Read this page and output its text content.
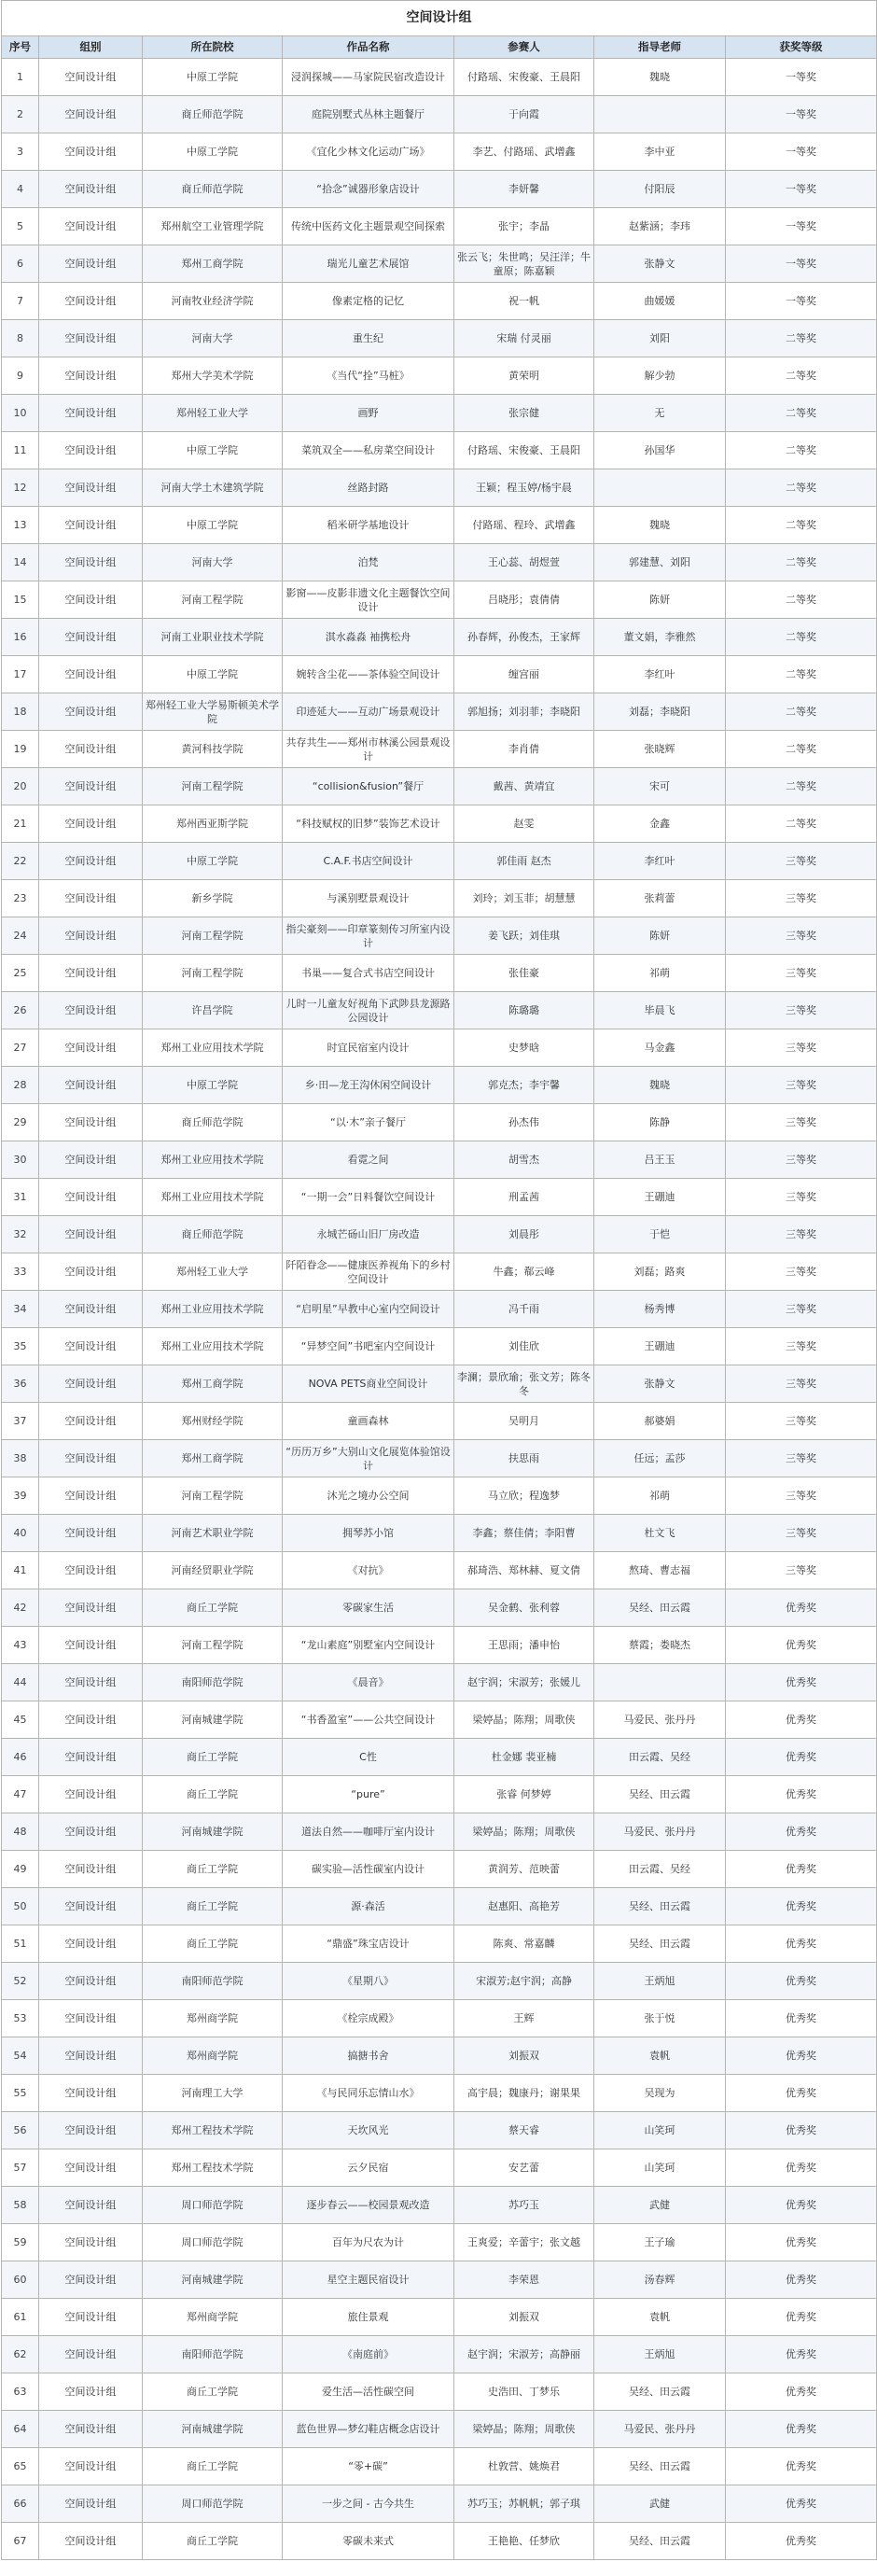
空间设计组
序号	组别	所在院校	作品名称	参赛人	指导老师	获奖等级
1	空间设计组	中原工学院	浸润探城——马家院民宿改造设计	付路瑶、宋俊豪、王晨阳	魏晓	一等奖
2	空间设计组	商丘师范学院	庭院别墅式丛林主题餐厅	于向霞		一等奖
3	空间设计组	中原工学院	《宜化少林文化运动广场》	李艺、付路瑶、武增鑫	李中亚	一等奖
4	空间设计组	商丘师范学院	“拾念”诚器形象店设计	李妍馨	付阳辰	一等奖
5	空间设计组	郑州航空工业管理学院	传统中医药文化主题景观空间探索	张宇；李晶	赵紫涵；李玮	一等奖
6	空间设计组	郑州工商学院	瑞光儿童艺术展馆	张云飞；朱世鸣；吴汪洋；牛童原；陈嘉颖	张静文	一等奖
7	空间设计组	河南牧业经济学院	像素定格的记忆	祝一帆	曲媛媛	一等奖
8	空间设计组	河南大学	重生纪	宋瑞 付灵丽	刘阳	二等奖
9	空间设计组	郑州大学美术学院	《当代“拴”马桩》	黄荣明	解少勃	二等奖
10	空间设计组	郑州轻工业大学	画野	张宗健	无	二等奖
11	空间设计组	中原工学院	菜筑双全——私房菜空间设计	付路瑶、宋俊豪、王晨阳	孙国华	二等奖
12	空间设计组	河南大学土木建筑学院	丝路封路	王颖；程玉婷/杨宇晨		二等奖
13	空间设计组	中原工学院	稻米研学基地设计	付路瑶、程玲、武增鑫	魏晓	二等奖
14	空间设计组	河南大学	泊梵	王心蕊、胡煜萱	郭建慧、刘阳	二等奖
15	空间设计组	河南工程学院	影窗——皮影非遗文化主题餐饮空间设计	吕晓彤；袁倩倩	陈妍	二等奖
16	空间设计组	河南工业职业技术学院	淇水淼淼 袖携松舟	孙春辉，孙俊杰，王家辉	董文娟，李雅然	二等奖
17	空间设计组	中原工学院	婉转含尘花——茶体验空间设计	缠宫丽	李红叶	二等奖
18	空间设计组	郑州轻工业大学易斯顿美术学院	印迹延大——互动广场景观设计	郭旭扬；刘羽菲；李晓阳	刘磊；李晓阳	二等奖
19	空间设计组	黄河科技学院	共存共生——郑州市林溪公园景观设计	李肖倩	张晓辉	二等奖
20	空间设计组	河南工程学院	“collision&fusion”餐厅	戴茜、黄靖宜	宋可	二等奖
21	空间设计组	郑州西亚斯学院	“科技赋权的旧梦”装饰艺术设计	赵雯	金鑫	二等奖
22	空间设计组	中原工学院	C.A.F.书店空间设计	郭佳雨 赵杰	李红叶	三等奖
23	空间设计组	新乡学院	与溪别墅景观设计	刘玲；刘玉菲；胡慧慧	张莉蕾	三等奖
24	空间设计组	河南工程学院	指尖豪刻——印章篆刻传习所室内设计	姜飞跃；刘佳琪	陈妍	三等奖
25	空间设计组	河南工程学院	书巢——复合式书店空间设计	张佳豪	祁萌	三等奖
26	空间设计组	许昌学院	儿时一儿童友好视角下武陟县龙源路公园设计	陈璐璐	毕晨飞	三等奖
27	空间设计组	郑州工业应用技术学院	时宜民宿室内设计	史梦晗	马金鑫	三等奖
28	空间设计组	中原工学院	乡·田—龙王沟休闲空间设计	郭克杰；李宇馨	魏晓	三等奖
29	空间设计组	商丘师范学院	“以·木”亲子餐厅	孙杰伟	陈静	三等奖
30	空间设计组	郑州工业应用技术学院	看霓之间	胡雪杰	吕王玉	三等奖
31	空间设计组	郑州工业应用技术学院	“一期一会”日料餐饮空间设计	刑孟茜	王硼迪	三等奖
32	空间设计组	商丘师范学院	永城芒砀山旧厂房改造	刘晨彤	于恺	三等奖
33	空间设计组	郑州轻工业大学	阡陌眷念——健康医养视角下的乡村空间设计	牛鑫；郗云峰	刘磊；路爽	三等奖
34	空间设计组	郑州工业应用技术学院	“启明星”早教中心室内空间设计	冯千雨	杨秀博	三等奖
35	空间设计组	郑州工业应用技术学院	“异梦空间”书吧室内空间设计	刘佳欣	王硼迪	三等奖
36	空间设计组	郑州工商学院	NOVA PETS商业空间设计	李澜；景欣瑜；张文芳；陈冬冬	张静文	三等奖
37	空间设计组	郑州财经学院	童画森林	吴明月	郝婆娟	三等奖
38	空间设计组	郑州工商学院	“历历万乡”大别山文化展览体验馆设计	扶思雨	任远；孟莎	三等奖
39	空间设计组	河南工程学院	沐光之境办公空间	马立欣；程逸梦	祁萌	三等奖
40	空间设计组	河南艺术职业学院	拥琴苏小馆	李鑫；蔡佳倩；李阳曹	杜文飞	三等奖
41	空间设计组	河南经贸职业学院	《对抗》	郝琦浩、郑林赫、夏文倩	熬琦、曹志福	三等奖
42	空间设计组	商丘工学院	零碳家生活	吴金鹤、张利蓉	吴经、田云霞	优秀奖
43	空间设计组	河南工程学院	“龙山素庭”别墅室内空间设计	王思雨；潘申怡	蔡霞；娄晓杰	优秀奖
44	空间设计组	南阳师范学院	《晨音》	赵宇润；宋淑芳；张媛儿		优秀奖
45	空间设计组	河南城建学院	“书香盈室”——公共空间设计	梁婷晶；陈翔；周歌侠	马爱民、张丹丹	优秀奖
46	空间设计组	商丘工学院	C性	杜金娜 裴亚楠	田云霞、吴经	优秀奖
47	空间设计组	商丘工学院	“pure”	张睿 何梦婷	吴经、田云霞	优秀奖
48	空间设计组	河南城建学院	道法自然——咖啡厅室内设计	梁婷晶；陈翔；周歌侠	马爱民、张丹丹	优秀奖
49	空间设计组	商丘工学院	碳实验—活性碳室内设计	黄润芳、范映蕾	田云霞、吴经	优秀奖
50	空间设计组	商丘工学院	源·森活	赵惠阳、高艳芳	吴经、田云霞	优秀奖
51	空间设计组	商丘工学院	“鼎盛”珠宝店设计	陈爽、常嘉麟	吴经、田云霞	优秀奖
52	空间设计组	南阳师范学院	《星期八》	宋淑芳;赵宇润；高静	王炳旭	优秀奖
53	空间设计组	郑州商学院	《栓宗成殿》	王辉	张于悦	优秀奖
54	空间设计组	郑州商学院	搞搪书舍	刘振双	袁帆	优秀奖
55	空间设计组	河南理工大学	《与民同乐忘情山水》	高宇晨；魏康丹；谢果果	吴现为	优秀奖
56	空间设计组	郑州工程技术学院	天坎风光	蔡天睿	山笑珂	优秀奖
57	空间设计组	郑州工程技术学院	云夕民宿	安艺蕾	山笑珂	优秀奖
58	空间设计组	周口师范学院	逐步春云——校园景观改造	苏巧玉	武健	优秀奖
59	空间设计组	周口师范学院	百年为尺农为计	王爽爱；辛蕾宇；张文越	王子瑜	优秀奖
60	空间设计组	河南城建学院	星空主题民宿设计	李荣恩	汤春辉	优秀奖
61	空间设计组	郑州商学院	旅住景观	刘振双	袁帆	优秀奖
62	空间设计组	南阳师范学院	《南庭前》	赵宇润；宋淑芳；高静丽	王炳旭	优秀奖
63	空间设计组	商丘工学院	爱生活—活性碳空间	史浩田、丁梦乐	吴经、田云霞	优秀奖
64	空间设计组	河南城建学院	蓝色世界—梦幻鞋店概念店设计	梁婷晶；陈翔；周歌侠	马爱民、张丹丹	优秀奖
65	空间设计组	商丘工学院	“零+碳”	杜敦营、姚焕君	吴经、田云霞	优秀奖
66	空间设计组	周口师范学院	一步之间 - 古今共生	苏巧玉；苏帆帆；郭子琪	武健	优秀奖
67	空间设计组	商丘工学院	零碳未来式	王艳艳、任梦欣	吴经、田云霞	优秀奖
